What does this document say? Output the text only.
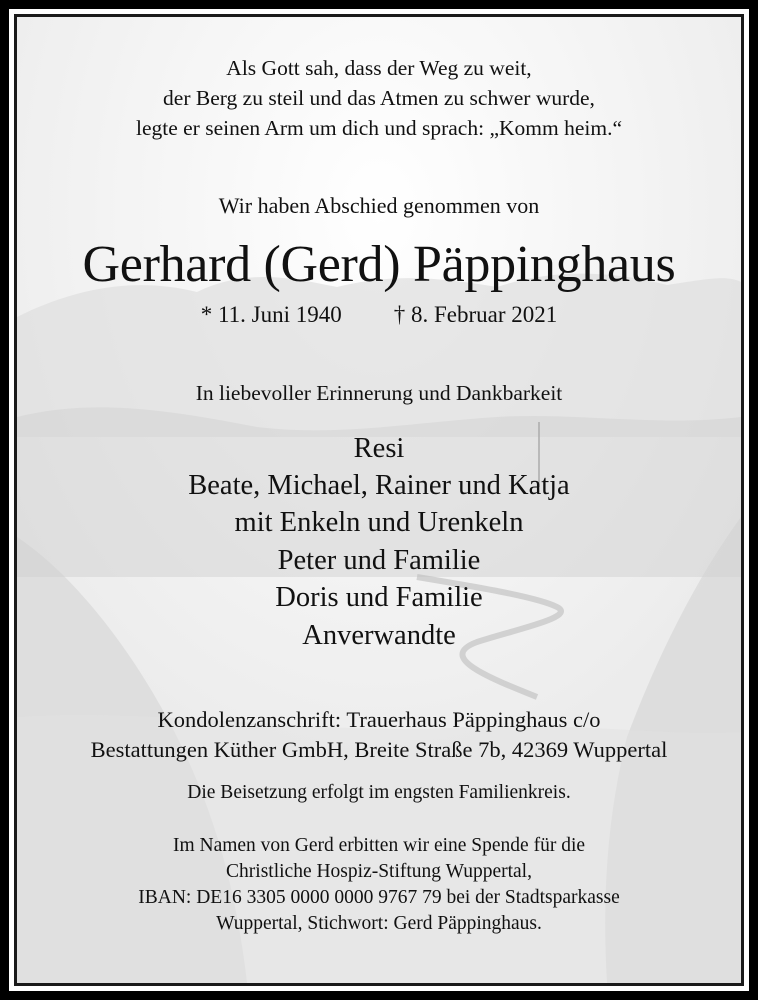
Als Gott sah, dass der Weg zu weit,
der Berg zu steil und das Atmen zu schwer wurde,
legte er seinen Arm um dich und sprach: „Komm heim.“
Wir haben Abschied genommen von
Gerhard (Gerd) Päppinghaus
* 11. Juni 1940 † 8. Februar 2021
In liebevoller Erinnerung und Dankbarkeit
Resi
Beate, Michael, Rainer und Katja
mit Enkeln und Urenkeln
Peter und Familie
Doris und Familie
Anverwandte
Kondolenzanschrift: Trauerhaus Päppinghaus c/o
Bestattungen Küther GmbH, Breite Straße 7b, 42369 Wuppertal
Die Beisetzung erfolgt im engsten Familienkreis.
Im Namen von Gerd erbitten wir eine Spende für die
Christliche Hospiz-Stiftung Wuppertal,
IBAN: DE16 3305 0000 0000 9767 79 bei der Stadtsparkasse
Wuppertal, Stichwort: Gerd Päppinghaus.
